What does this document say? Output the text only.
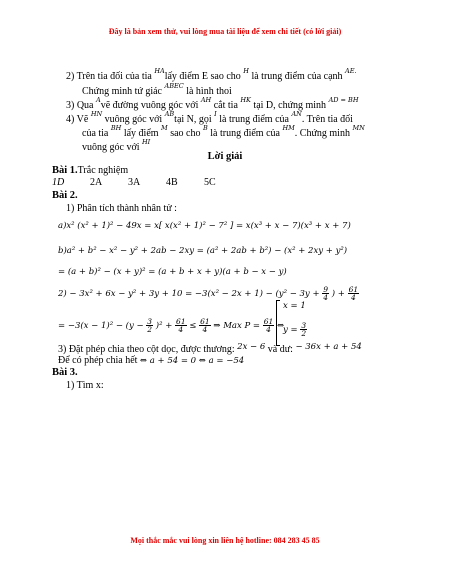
Đây là bản xem thử, vui lòng mua tài liệu để xem chi tiết (có lời giải)
2) Trên tia đối của tia $^{HA}$lấy điểm E sao cho $^H$ là trung điểm của cạnh $^{AE.}$
Chứng minh tứ giác $^{ABEC}$ là hình thoi
3) Qua $^A$vẽ đường vuông góc với $^{AH}$ cắt tia $^{HK}$ tại D, chứng minh $^{AD = BH}$
4) Vẽ $^{HN}$ vuông góc với $^{AB}$tại N, gọi $^I$ là trung điểm của $^{AN}$. Trên tia đối
của tia $^{BH}$ lấy điểm $^M$ sao cho $^B$ là trung điểm của $^{HM}$. Chứng minh $^{MN}$
vuông góc với $^{HI}$
Lời giải
Bài 1.Trắc nghiệm
1D	2A	3A	4B	5C
Bài 2.
1) Phân tích thành nhân tử :
a)x² (x² + 1)² − 49x = x[ x(x² + 1)² − 7² ] = x(x³ + x − 7)(x³ + x + 7)
b)a² + b² − x² − y² + 2ab − 2xy = (a² + 2ab + b²) − (x² + 2xy + y²)
= (a + b)² − (x + y)² = (a + b + x + y)(a + b − x − y)
$2) - 3x^2 + 6x - y^2 + 3y + 10 = -3(x^2 - 2x + 1) - (y^2 - 3y + \frac{9}{4}$ ) + $\frac{61}{4}$
= $-3(x - 1)^2 - (y - \frac{3}{2} )^2 + \frac{61}{4} \le \frac{61}{4}$ ⇒ Max $P = \frac{61}{4}$ ⇔
x = 1
$y = \frac{3}{2}$
3) Đặt phép chia theo cột dọc, được thương: $^{2x - 6}$ và dư: $^{- 36x + a + 54}$
Để có phép chia hết ⇔ a + 54 = 0 ⇔ a = −54
Bài 3.
1) Tìm x:
Mọi thắc mắc vui lòng xin liên hệ hotline: 084 283 45 85
